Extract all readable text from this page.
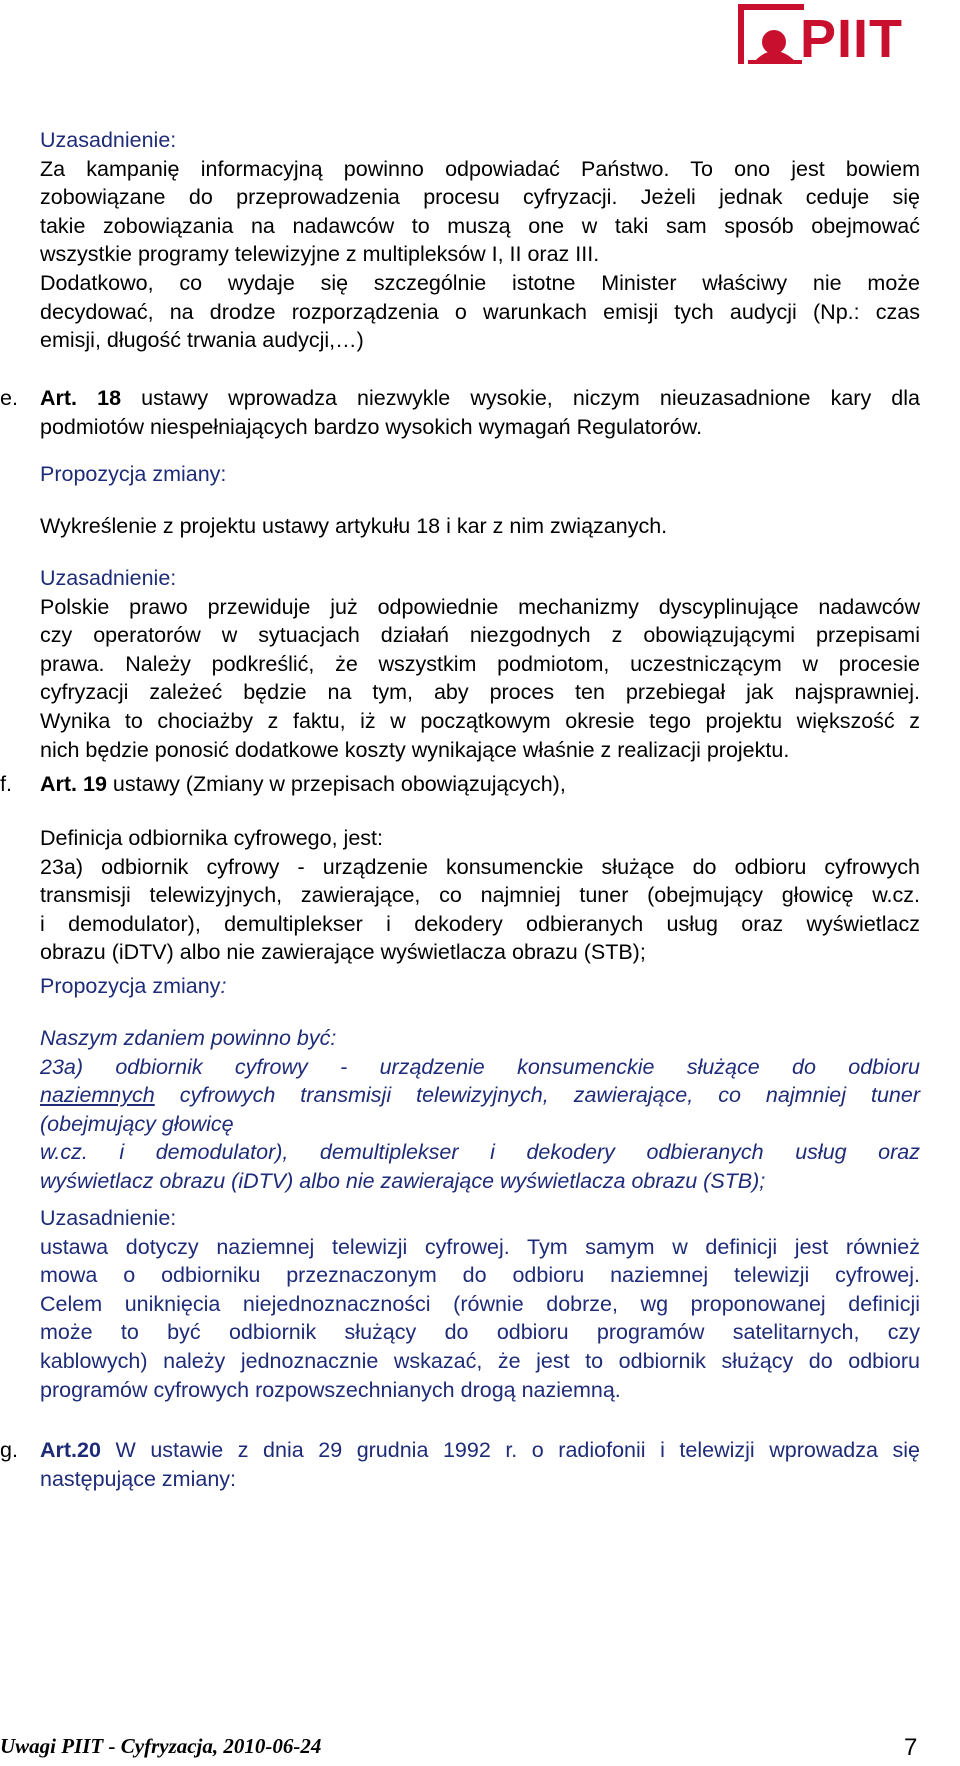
PIIT
Uzasadnienie:
Za kampanię informacyjną powinno odpowiadać Państwo. To ono jest bowiem
zobowiązane do przeprowadzenia procesu cyfryzacji. Jeżeli jednak ceduje się
takie zobowiązania na nadawców to muszą one w taki sam sposób obejmować
wszystkie programy telewizyjne z multipleksów I, II oraz III.
Dodatkowo, co wydaje się szczególnie istotne Minister właściwy nie może
decydować, na drodze rozporządzenia o warunkach emisji tych audycji (Np.: czas
emisji, długość trwania audycji,…)
e.	Art. 18 ustawy wprowadza niezwykle wysokie, niczym nieuzasadnione kary dla
podmiotów niespełniających bardzo wysokich wymagań Regulatorów.
Propozycja zmiany:
Wykreślenie z projektu ustawy artykułu 18 i kar z nim związanych.
Uzasadnienie:
Polskie prawo przewiduje już odpowiednie mechanizmy dyscyplinujące nadawców
czy operatorów w sytuacjach działań niezgodnych z obowiązującymi przepisami
prawa. Należy podkreślić, że wszystkim podmiotom, uczestniczącym w procesie
cyfryzacji zależeć będzie na tym, aby proces ten przebiegał jak najsprawniej.
Wynika to chociażby z faktu, iż w początkowym okresie tego projektu większość z
nich będzie ponosić dodatkowe koszty wynikające właśnie z realizacji projektu.
f.	Art. 19 ustawy (Zmiany w przepisach obowiązujących),
Definicja odbiornika cyfrowego, jest:
23a) odbiornik cyfrowy - urządzenie konsumenckie służące do odbioru cyfrowych
transmisji telewizyjnych, zawierające, co najmniej tuner (obejmujący głowicę w.cz.
i demodulator), demultiplekser i dekodery odbieranych usług oraz wyświetlacz
obrazu (iDTV) albo nie zawierające wyświetlacza obrazu (STB);
Propozycja zmiany:
Naszym zdaniem powinno być:
23a) odbiornik cyfrowy - urządzenie konsumenckie służące do odbioru
naziemnych cyfrowych transmisji telewizyjnych, zawierające, co najmniej tuner
(obejmujący głowicę
w.cz. i demodulator), demultiplekser i dekodery odbieranych usług oraz
wyświetlacz obrazu (iDTV) albo nie zawierające wyświetlacza obrazu (STB);
Uzasadnienie:
ustawa dotyczy naziemnej telewizji cyfrowej. Tym samym w definicji jest również
mowa o odbiorniku przeznaczonym do odbioru naziemnej telewizji cyfrowej.
Celem uniknięcia niejednoznaczności (równie dobrze, wg proponowanej definicji
może to być odbiornik służący do odbioru programów satelitarnych, czy
kablowych) należy jednoznacznie wskazać, że jest to odbiornik służący do odbioru
programów cyfrowych rozpowszechnianych drogą naziemną.
g.	Art.20 W ustawie z dnia 29 grudnia 1992 r. o radiofonii i telewizji wprowadza się
następujące zmiany:
Uwagi PIIT - Cyfryzacja, 2010-06-24	7
